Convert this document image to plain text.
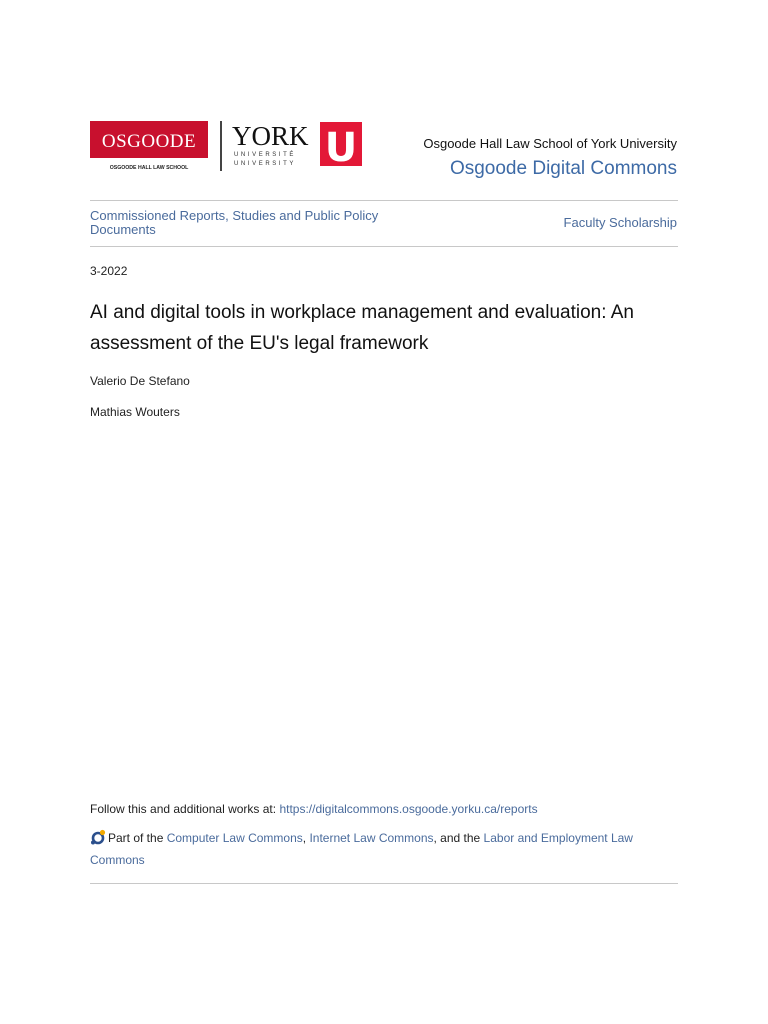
OSGOODE
OSGOODE HALL LAW SCHOOL
YORK
UNIVERSITÉ
UNIVERSITY U	Osgoode Hall Law School of York University
Osgoode Digital Commons
Commissioned Reports, Studies and Public Policy Documents	Faculty Scholarship
3-2022
AI and digital tools in workplace management and evaluation: An assessment of the EU's legal framework
Valerio De Stefano
Mathias Wouters
Follow this and additional works at: https://digitalcommons.osgoode.yorku.ca/reports
Part of the Computer Law Commons, Internet Law Commons, and the Labor and Employment Law Commons
